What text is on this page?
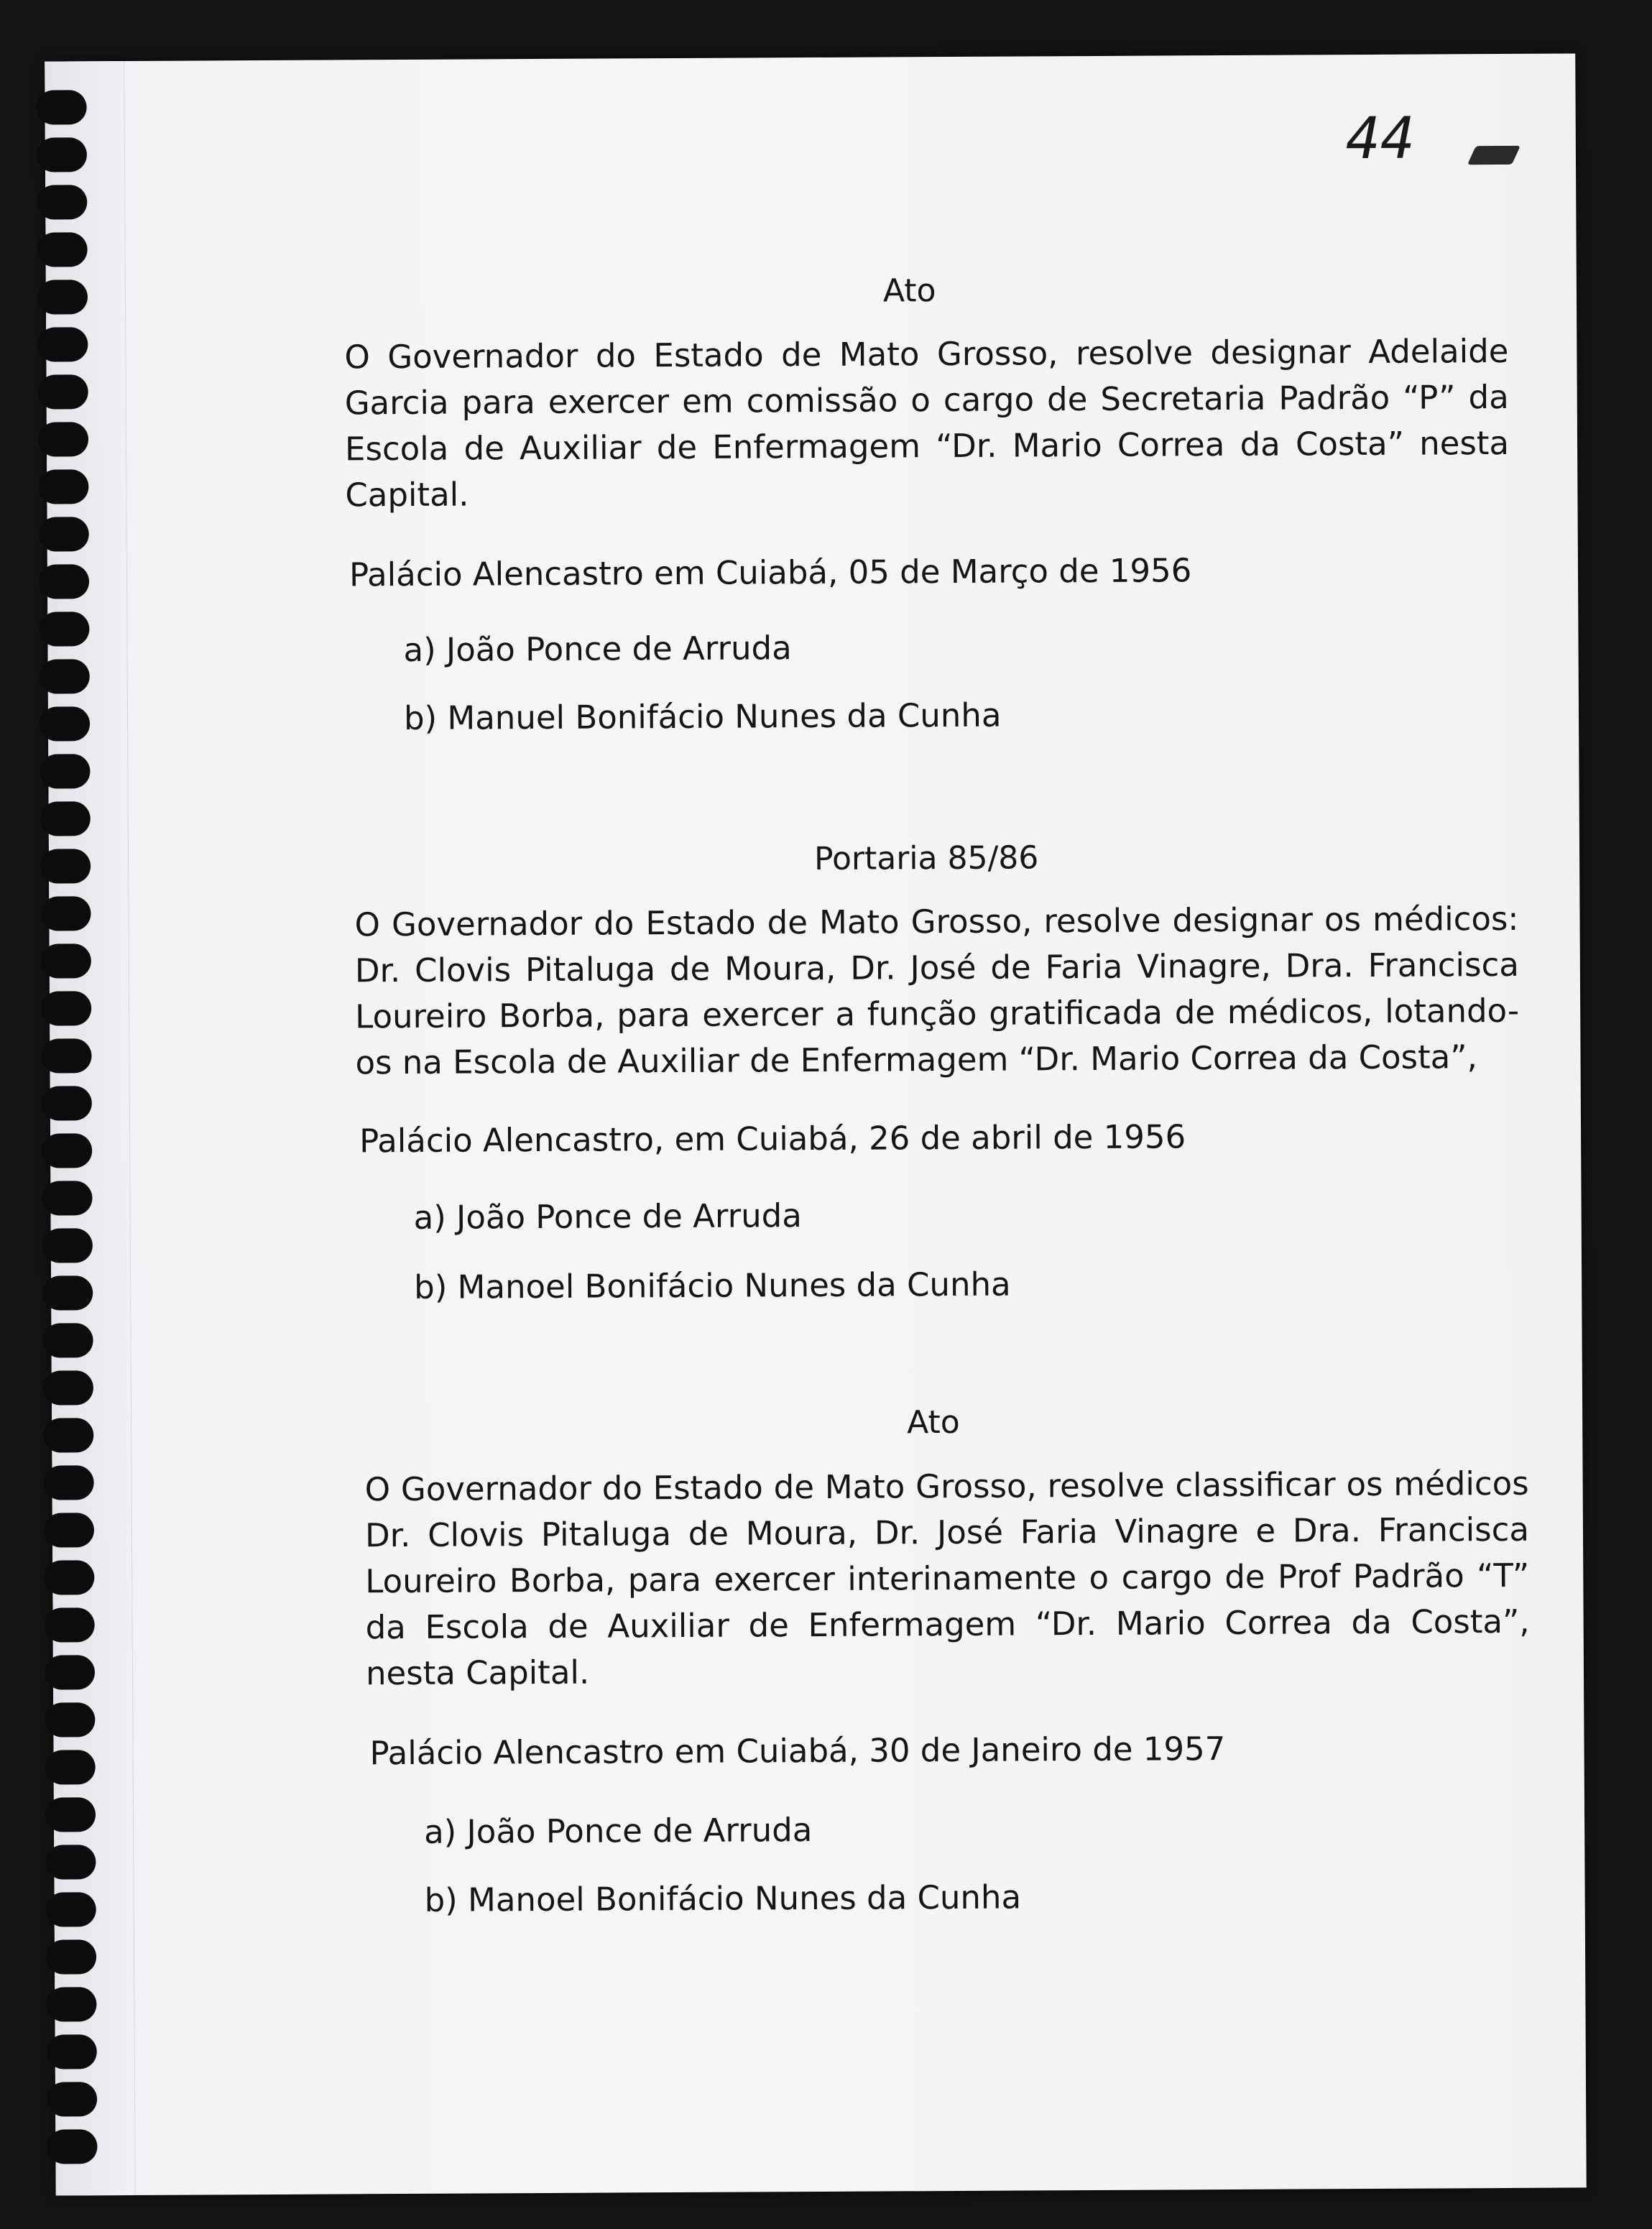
44
Ato
O Governador do Estado de Mato Grosso, resolve designar Adelaide Garcia para exercer em comissão o cargo de Secretaria Padrão “P” da Escola de Auxiliar de Enfermagem “Dr. Mario Correa da Costa” nesta Capital.
Palácio Alencastro em Cuiabá, 05 de Março de 1956
a) João Ponce de Arruda
b) Manuel Bonifácio Nunes da Cunha
Portaria 85/86
O Governador do Estado de Mato Grosso, resolve designar os médicos: Dr. Clovis Pitaluga de Moura, Dr. José de Faria Vinagre, Dra. Francisca Loureiro Borba, para exercer a função gratificada de médicos, lotando-os na Escola de Auxiliar de Enfermagem “Dr. Mario Correa da Costa”,
Palácio Alencastro, em Cuiabá, 26 de abril de 1956
a) João Ponce de Arruda
b) Manoel Bonifácio Nunes da Cunha
Ato
O Governador do Estado de Mato Grosso, resolve classificar os médicos Dr. Clovis Pitaluga de Moura, Dr. José Faria Vinagre e Dra. Francisca Loureiro Borba, para exercer interinamente o cargo de Prof Padrão “T” da Escola de Auxiliar de Enfermagem “Dr. Mario Correa da Costa”, nesta Capital.
Palácio Alencastro em Cuiabá, 30 de Janeiro de 1957
a) João Ponce de Arruda
b) Manoel Bonifácio Nunes da Cunha
